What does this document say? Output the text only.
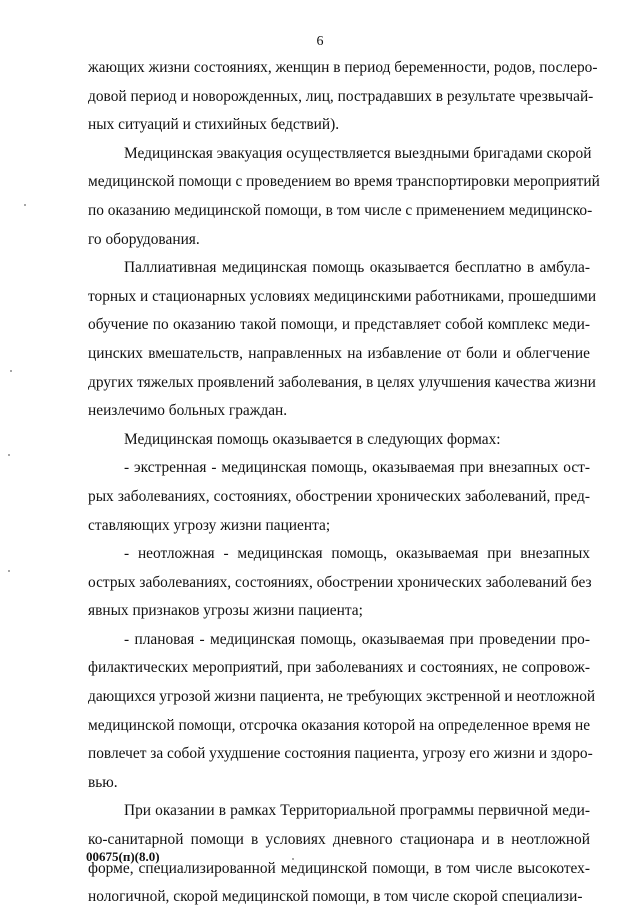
6
жающих жизни состояниях, женщин в период беременности, родов, послеро-
довой период и новорожденных, лиц, пострадавших в результате чрезвычай-
ных ситуаций и стихийных бедствий).
Медицинская эвакуация осуществляется выездными бригадами скорой
медицинской помощи с проведением во время транспортировки мероприятий
по оказанию медицинской помощи, в том числе с применением медицинско-
го оборудования.
Паллиативная медицинская помощь оказывается бесплатно в амбула-
торных и стационарных условиях медицинскими работниками, прошедшими
обучение по оказанию такой помощи, и представляет собой комплекс меди-
цинских вмешательств, направленных на избавление от боли и облегчение
других тяжелых проявлений заболевания, в целях улучшения качества жизни
неизлечимо больных граждан.
Медицинская помощь оказывается в следующих формах:
- экстренная - медицинская помощь, оказываемая при внезапных ост-
рых заболеваниях, состояниях, обострении хронических заболеваний, пред-
ставляющих угрозу жизни пациента;
- неотложная - медицинская помощь, оказываемая при внезапных
острых заболеваниях, состояниях, обострении хронических заболеваний без
явных признаков угрозы жизни пациента;
- плановая - медицинская помощь, оказываемая при проведении про-
филактических мероприятий, при заболеваниях и состояниях, не сопровож-
дающихся угрозой жизни пациента, не требующих экстренной и неотложной
медицинской помощи, отсрочка оказания которой на определенное время не
повлечет за собой ухудшение состояния пациента, угрозу его жизни и здоро-
вью.
При оказании в рамках Территориальной программы первичной меди-
ко-санитарной помощи в условиях дневного стационара и в неотложной
форме, специализированной медицинской помощи, в том числе высокотех-
нологичной, скорой медицинской помощи, в том числе скорой специализи-
00675(п)(8.0)
